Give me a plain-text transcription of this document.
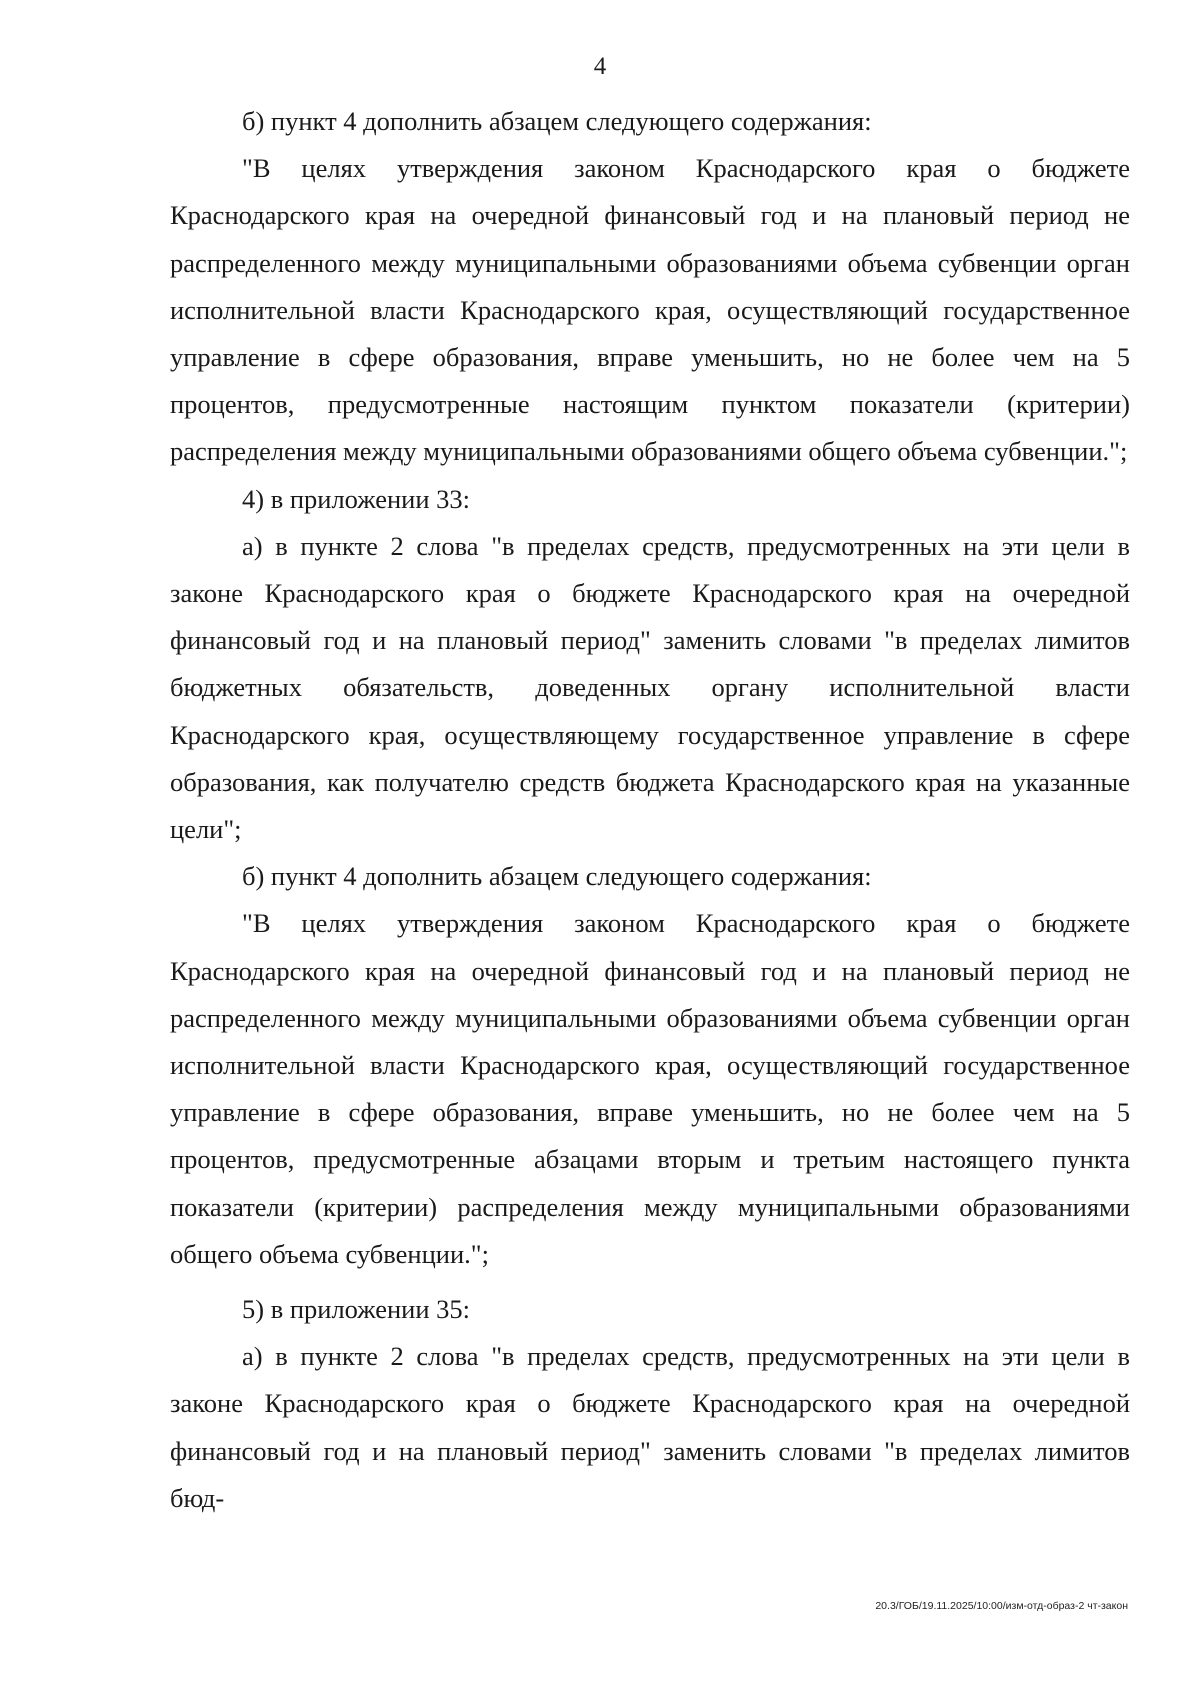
4

б) пункт 4 дополнить абзацем следующего содержания:

"В целях утверждения законом Краснодарского края о бюджете Краснодарского края на очередной финансовый год и на плановый период не распределенного между муниципальными образованиями объема субвенции орган исполнительной власти Краснодарского края, осуществляющий государственное управление в сфере образования, вправе уменьшить, но не более чем на 5 процентов, предусмотренные настоящим пунктом показатели (критерии) распределения между муниципальными образованиями общего объема субвенции.";

4) в приложении 33:

а) в пункте 2 слова "в пределах средств, предусмотренных на эти цели в законе Краснодарского края о бюджете Краснодарского края на очередной финансовый год и на плановый период" заменить словами "в пределах лимитов бюджетных обязательств, доведенных органу исполнительной власти Краснодарского края, осуществляющему государственное управление в сфере образования, как получателю средств бюджета Краснодарского края на указанные цели";

б) пункт 4 дополнить абзацем следующего содержания:

"В целях утверждения законом Краснодарского края о бюджете Краснодарского края на очередной финансовый год и на плановый период не распределенного между муниципальными образованиями объема субвенции орган исполнительной власти Краснодарского края, осуществляющий государственное управление в сфере образования, вправе уменьшить, но не более чем на 5 процентов, предусмотренные абзацами вторым и третьим настоящего пункта показатели (критерии) распределения между муниципальными образованиями общего объема субвенции.";

5) в приложении 35:

а) в пункте 2 слова "в пределах средств, предусмотренных на эти цели в законе Краснодарского края о бюджете Краснодарского края на очередной финансовый год и на плановый период" заменить словами "в пределах лимитов бюд-

20.3/ГОБ/19.11.2025/10:00/изм-отд-образ-2 чт-закон
